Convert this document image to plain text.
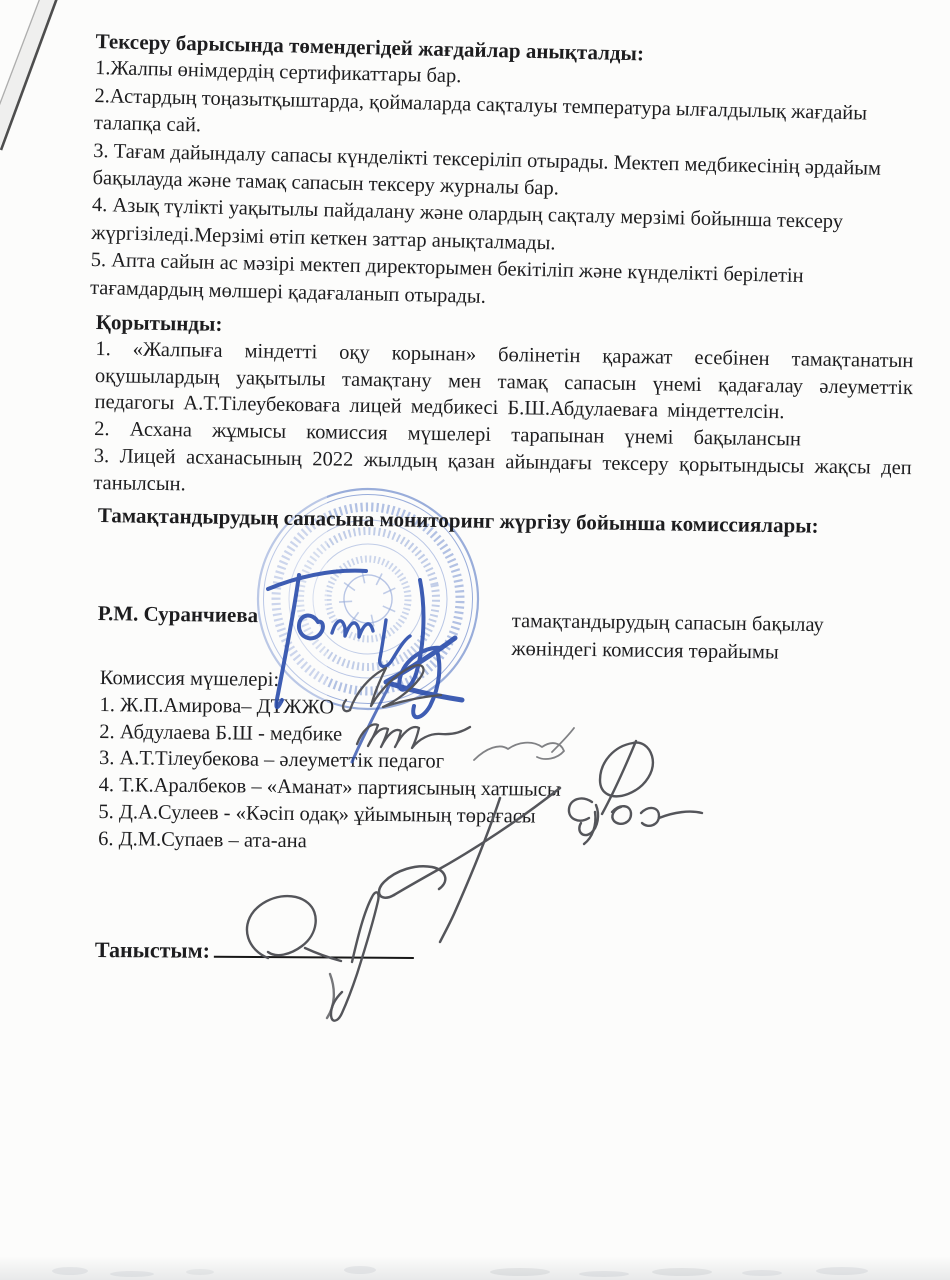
Тексеру барысында төмендегідей жағдайлар анықталды:

1.Жалпы өнімдердің сертификаттары бар.

2.Астардың тоңазытқыштарда, қоймаларда сақталуы температура ылғалдылық жағдайы талапқа сай.

3. Тағам дайындалу сапасы күнделікті тексеріліп отырады. Мектеп медбикесінің әрдайым бақылауда және тамақ сапасын тексеру журналы бар.

4. Азық түлікті уақытылы пайдалану және олардың сақталу мерзімі бойынша тексеру жүргізіледі.Мерзімі өтіп кеткен заттар анықталмады.

5. Апта сайын ас мәзірі мектеп директорымен бекітіліп және күнделікті берілетін тағамдардың мөлшері қадағаланып отырады.

Қорытынды:

1. «Жалпыға міндетті оқу корынан» бөлінетін қаражат есебінен тамақтанатын оқушылардың уақытылы тамақтану мен тамақ сапасын үнемі қадағалау әлеуметтік педагогы А.Т.Тілеубековаға лицей медбикесі Б.Ш.Абдулаеваға міндеттелсін.

2. Асхана жұмысы комиссия мүшелері тарапынан үнемі бақылансын

3. Лицей асханасының 2022 жылдың қазан айындағы тексеру қорытындысы жақсы деп танылсын.

Тамақтандырудың сапасына мониторинг жүргізу бойынша комиссиялары:
Р.М. Суранчиева	тамақтандырудың сапасын бақылау
жөніндегі комиссия төрайымы

Комиссия мүшелері:

1. Ж.П.Амирова– ДТЖЖО

2. Абдулаева Б.Ш - медбике

3. А.Т.Тілеубекова – әлеуметтік педагог

4. Т.К.Аралбеков – «Аманат» партиясының хатшысы

5. Д.А.Сулеев - «Кәсіп одақ» ұйымының төрағасы

6. Д.М.Супаев – ата-ана

Таныстым:
